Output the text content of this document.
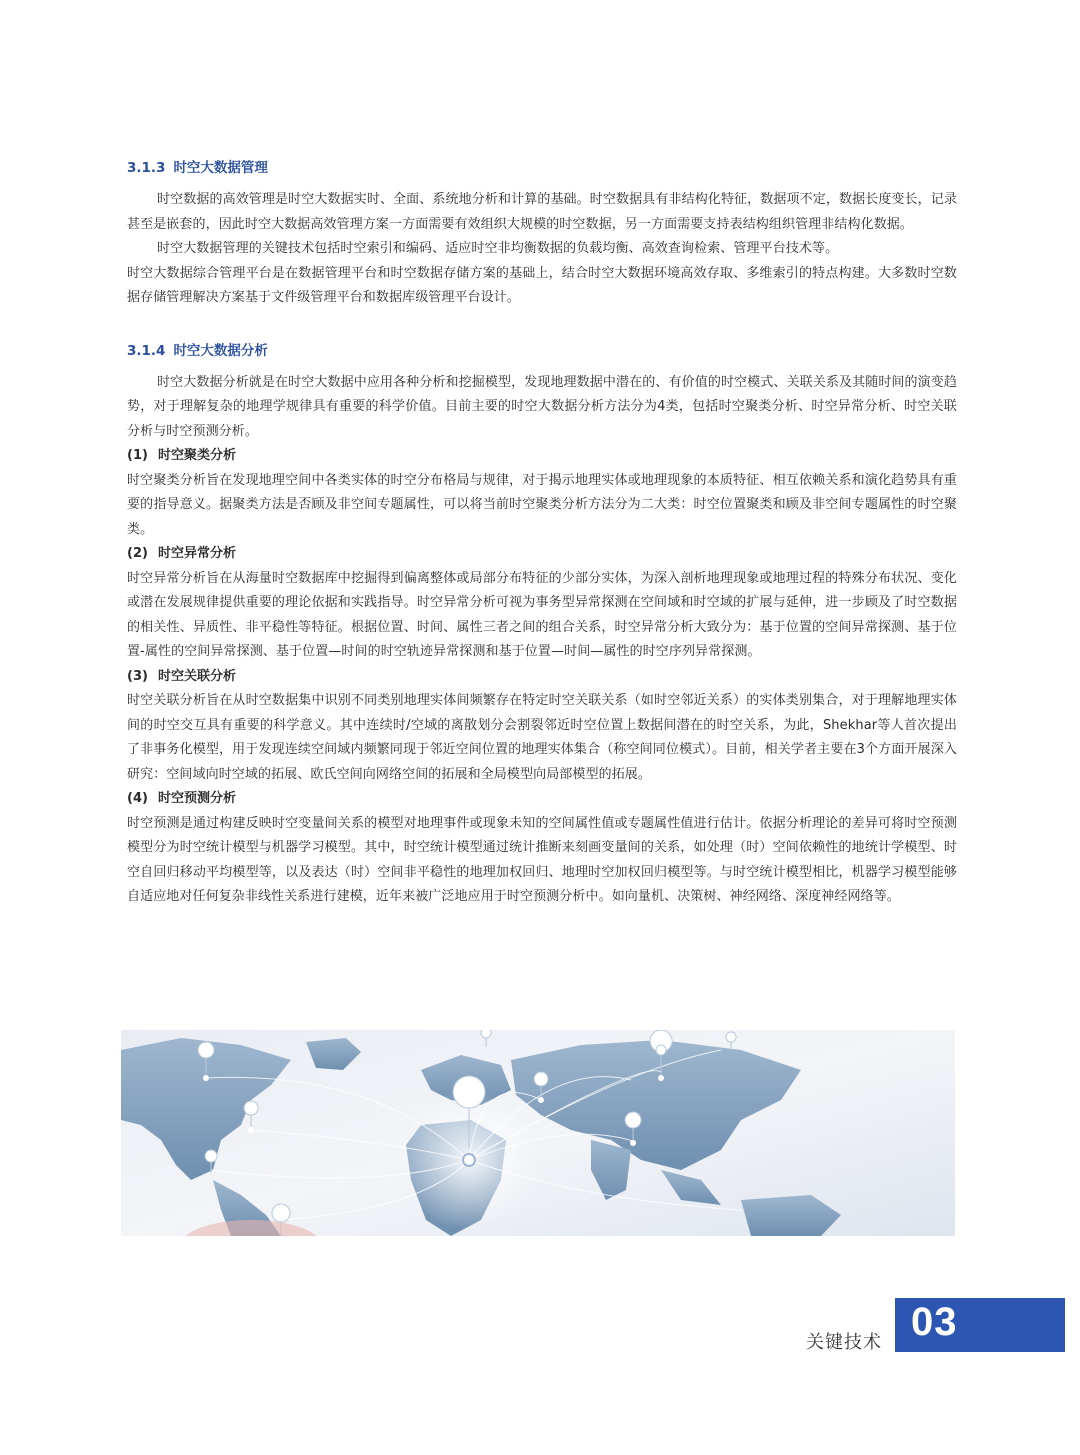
3.1.3 时空大数据管理

时空数据的高效管理是时空大数据实时、全面、系统地分析和计算的基础。时空数据具有非结构化特征，数据项不定，数据长度变长，记录甚至是嵌套的，因此时空大数据高效管理方案一方面需要有效组织大规模的时空数据，另一方面需要支持表结构组织管理非结构化数据。

时空大数据管理的关键技术包括时空索引和编码、适应时空非均衡数据的负载均衡、高效查询检索、管理平台技术等。

时空大数据综合管理平台是在数据管理平台和时空数据存储方案的基础上，结合时空大数据环境高效存取、多维索引的特点构建。大多数时空数据存储管理解决方案基于文件级管理平台和数据库级管理平台设计。

3.1.4 时空大数据分析

时空大数据分析就是在时空大数据中应用各种分析和挖掘模型，发现地理数据中潜在的、有价值的时空模式、关联关系及其随时间的演变趋势，对于理解复杂的地理学规律具有重要的科学价值。目前主要的时空大数据分析方法分为4类，包括时空聚类分析、时空异常分析、时空关联分析与时空预测分析。

(1) 时空聚类分析

时空聚类分析旨在发现地理空间中各类实体的时空分布格局与规律，对于揭示地理实体或地理现象的本质特征、相互依赖关系和演化趋势具有重要的指导意义。据聚类方法是否顾及非空间专题属性，可以将当前时空聚类分析方法分为二大类：时空位置聚类和顾及非空间专题属性的时空聚类。

(2) 时空异常分析

时空异常分析旨在从海量时空数据库中挖掘得到偏离整体或局部分布特征的少部分实体，为深入剖析地理现象或地理过程的特殊分布状况、变化或潜在发展规律提供重要的理论依据和实践指导。时空异常分析可视为事务型异常探测在空间域和时空域的扩展与延伸，进一步顾及了时空数据的相关性、异质性、非平稳性等特征。根据位置、时间、属性三者之间的组合关系，时空异常分析大致分为：基于位置的空间异常探测、基于位置-属性的空间异常探测、基于位置—时间的时空轨迹异常探测和基于位置—时间—属性的时空序列异常探测。

(3) 时空关联分析

时空关联分析旨在从时空数据集中识别不同类别地理实体间频繁存在特定时空关联关系（如时空邻近关系）的实体类别集合，对于理解地理实体间的时空交互具有重要的科学意义。其中连续时/空域的离散划分会割裂邻近时空位置上数据间潜在的时空关系，为此，Shekhar等人首次提出了非事务化模型，用于发现连续空间域内频繁同现于邻近空间位置的地理实体集合（称空间同位模式）。目前，相关学者主要在3个方面开展深入研究：空间域向时空域的拓展、欧氏空间向网络空间的拓展和全局模型向局部模型的拓展。

(4) 时空预测分析

时空预测是通过构建反映时空变量间关系的模型对地理事件或现象未知的空间属性值或专题属性值进行估计。依据分析理论的差异可将时空预测模型分为时空统计模型与机器学习模型。其中，时空统计模型通过统计推断来刻画变量间的关系，如处理（时）空间依赖性的地统计学模型、时空自回归移动平均模型等，以及表达（时）空间非平稳性的地理加权回归、地理时空加权回归模型等。与时空统计模型相比，机器学习模型能够自适应地对任何复杂非线性关系进行建模，近年来被广泛地应用于时空预测分析中。如向量机、决策树、神经网络、深度神经网络等。

关键技术 03
